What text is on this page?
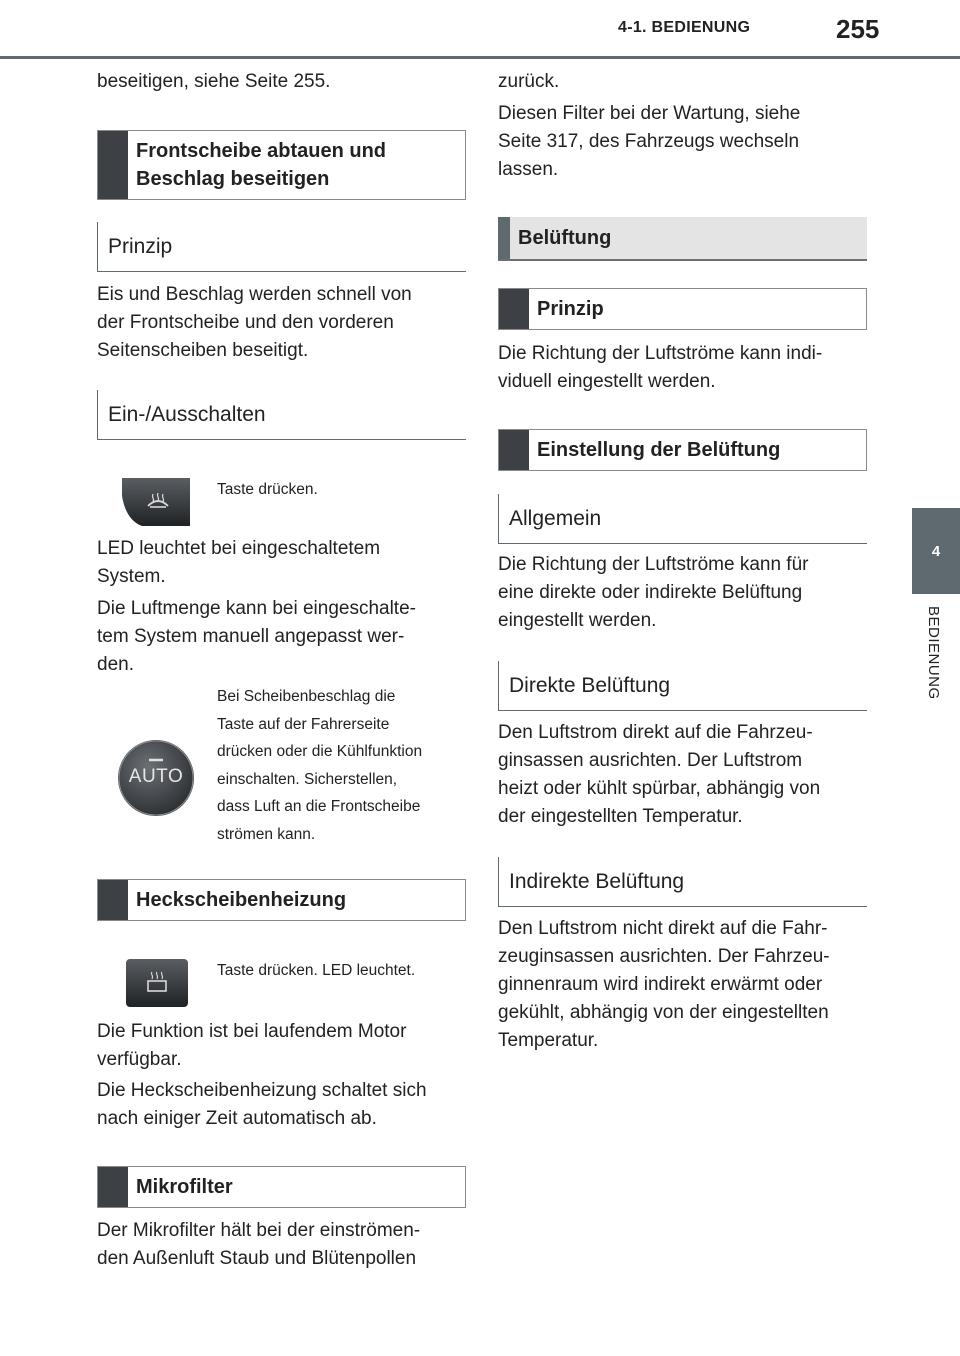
4-1. BEDIENUNG	255
4
BEDIENUNG
beseitigen, siehe Seite 255.
Frontscheibe abtauen und
Beschlag beseitigen
Prinzip
Eis und Beschlag werden schnell von
der Frontscheibe und den vorderen
Seitenscheiben beseitigt.
Ein-/Ausschalten
Taste drücken.
LED leuchtet bei eingeschaltetem
System.
Die Luftmenge kann bei eingeschalte-
tem System manuell angepasst wer-
den.
AUTO
Bei Scheibenbeschlag die
Taste auf der Fahrerseite
drücken oder die Kühlfunktion
einschalten. Sicherstellen,
dass Luft an die Frontscheibe
strömen kann.
Heckscheibenheizung
Taste drücken. LED leuchtet.
Die Funktion ist bei laufendem Motor
verfügbar.
Die Heckscheibenheizung schaltet sich
nach einiger Zeit automatisch ab.
Mikrofilter
Der Mikrofilter hält bei der einströmen-
den Außenluft Staub und Blütenpollen
zurück.
Diesen Filter bei der Wartung, siehe
Seite 317, des Fahrzeugs wechseln
lassen.
Belüftung
Prinzip
Die Richtung der Luftströme kann indi-
viduell eingestellt werden.
Einstellung der Belüftung
Allgemein
Die Richtung der Luftströme kann für
eine direkte oder indirekte Belüftung
eingestellt werden.
Direkte Belüftung
Den Luftstrom direkt auf die Fahrzeu-
ginsassen ausrichten. Der Luftstrom
heizt oder kühlt spürbar, abhängig von
der eingestellten Temperatur.
Indirekte Belüftung
Den Luftstrom nicht direkt auf die Fahr-
zeuginsassen ausrichten. Der Fahrzeu-
ginnenraum wird indirekt erwärmt oder
gekühlt, abhängig von der eingestellten
Temperatur.
